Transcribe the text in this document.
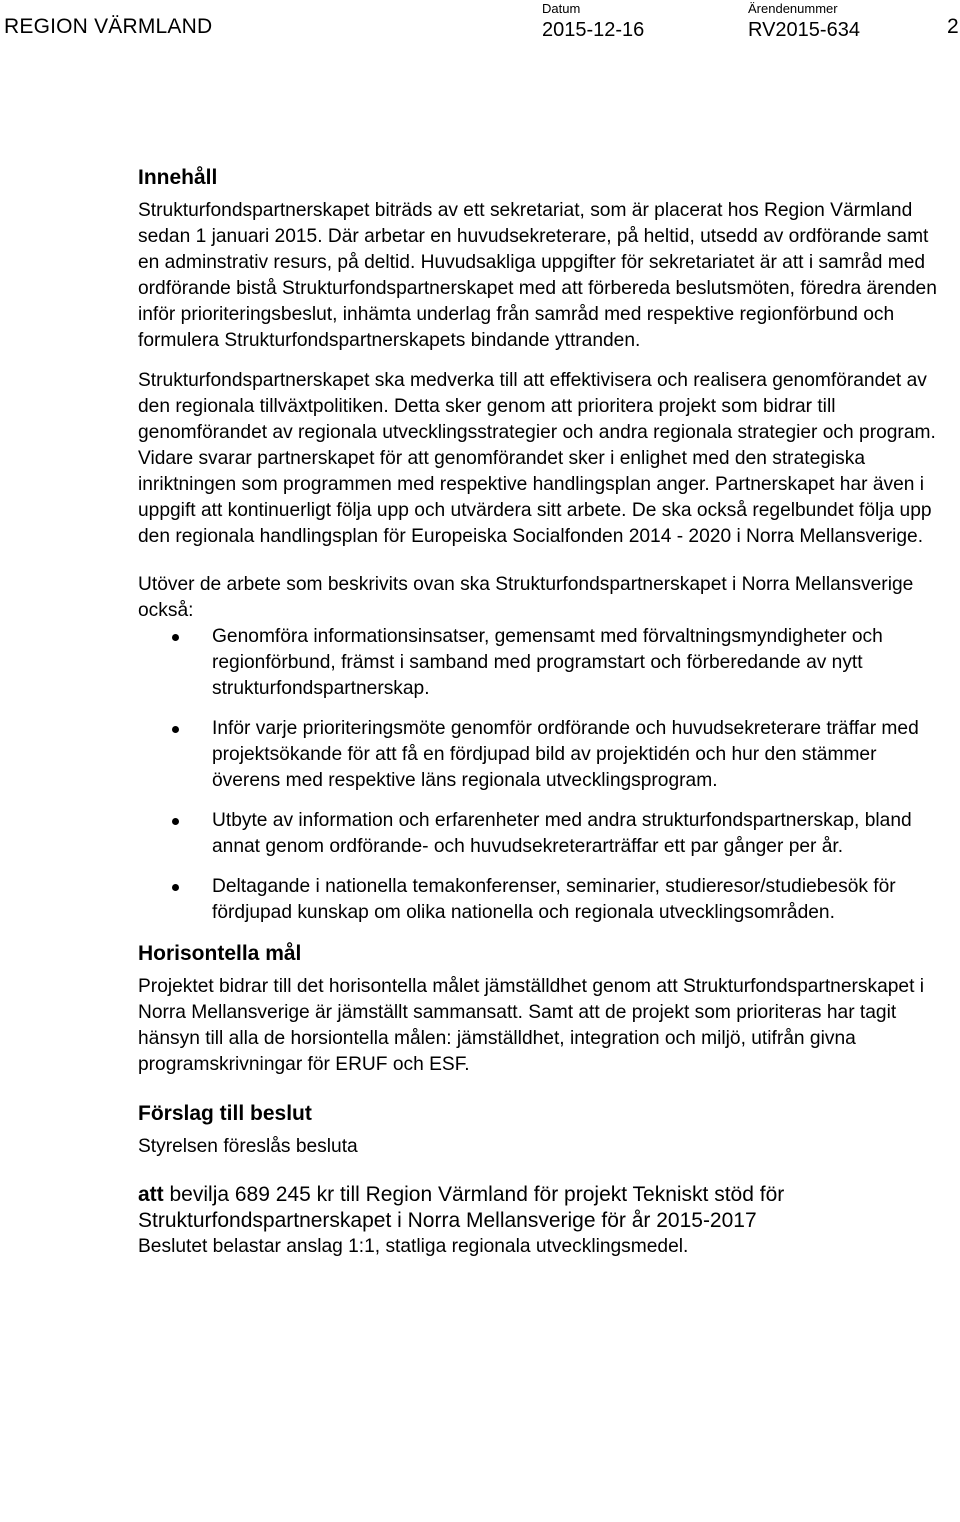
REGION VÄRMLAND
Datum
2015-12-16
Ärendenummer
RV2015-634	2
Innehåll

Strukturfondspartnerskapet biträds av ett sekretariat, som är placerat hos Region Värmland sedan 1 januari 2015. Där arbetar en huvudsekreterare, på heltid, utsedd av ordförande samt en adminstrativ resurs, på deltid. Huvudsakliga uppgifter för sekretariatet är att i samråd med ordförande bistå Strukturfondspartnerskapet med att förbereda beslutsmöten, föredra ärenden inför prioriteringsbeslut, inhämta underlag från samråd med respektive regionförbund och formulera Strukturfondspartnerskapets bindande yttranden.

Strukturfondspartnerskapet ska medverka till att effektivisera och realisera genomförandet av den regionala tillväxtpolitiken. Detta sker genom att prioritera projekt som bidrar till genomförandet av regionala utvecklingsstrategier och andra regionala strategier och program. Vidare svarar partnerskapet för att genomförandet sker i enlighet med den strategiska inriktningen som programmen med respektive handlingsplan anger. Partnerskapet har även i uppgift att kontinuerligt följa upp och utvärdera sitt arbete. De ska också regelbundet följa upp den regionala handlingsplan för Europeiska Socialfonden 2014 - 2020 i Norra Mellansverige.

Utöver de arbete som beskrivits ovan ska Strukturfondspartnerskapet i Norra Mellansverige också:

Genomföra informationsinsatser, gemensamt med förvaltningsmyndigheter och regionförbund, främst i samband med programstart och förberedande av nytt strukturfondspartnerskap.
Inför varje prioriteringsmöte genomför ordförande och huvudsekreterare träffar med projektsökande för att få en fördjupad bild av projektidén och hur den stämmer överens med respektive läns regionala utvecklingsprogram.
Utbyte av information och erfarenheter med andra strukturfondspartnerskap, bland annat genom ordförande- och huvudsekreterarträffar ett par gånger per år.
Deltagande i nationella temakonferenser, seminarier, studieresor/studiebesök för fördjupad kunskap om olika nationella och regionala utvecklingsområden.
Horisontella mål

Projektet bidrar till det horisontella målet jämställdhet genom att Strukturfondspartnerskapet i Norra Mellansverige är jämställt sammansatt. Samt att de projekt som prioriteras har tagit hänsyn till alla de horsiontella målen: jämställdhet, integration och miljö, utifrån givna programskrivningar för ERUF och ESF.

Förslag till beslut

Styrelsen föreslås besluta

att bevilja 689 245 kr till Region Värmland för projekt Tekniskt stöd för Strukturfondspartnerskapet i Norra Mellansverige för år 2015-2017

Beslutet belastar anslag 1:1, statliga regionala utvecklingsmedel.
